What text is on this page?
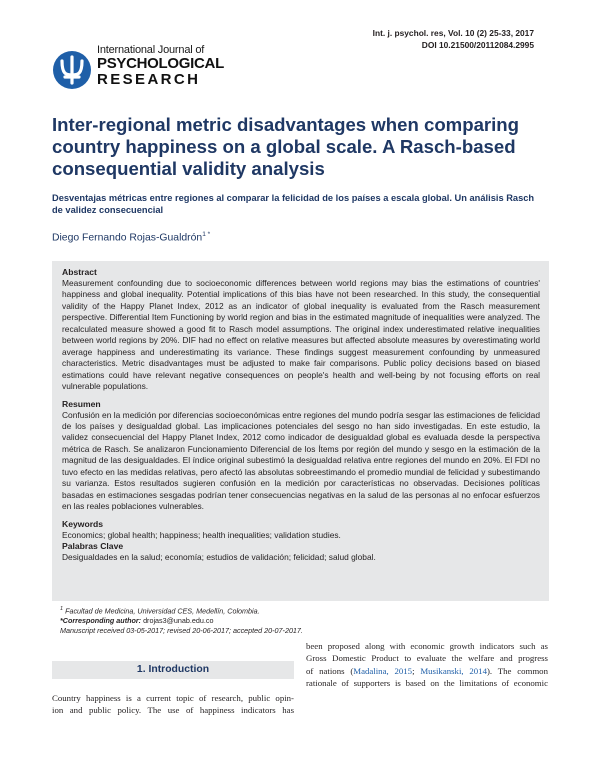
Int. j. psychol. res, Vol. 10 (2) 25-33, 2017
DOI 10.21500/20112084.2995
International Journal of
PSYCHOLOGICAL
RESEARCH
Inter-regional metric disadvantages when comparing country happiness on a global scale. A Rasch-based consequential validity analysis

Desventajas métricas entre regiones al comparar la felicidad de los países a escala global. Un análisis Rasch de validez consecuencial

Diego Fernando Rojas-Gualdrón$^{1 *}$
Abstract

Measurement confounding due to socioeconomic differences between world regions may bias the estimations of countries' happiness and global inequality. Potential implications of this bias have not been researched. In this study, the consequential validity of the Happy Planet Index, 2012 as an indicator of global inequality is evaluated from the Rasch measurement perspective. Differential Item Functioning by world region and bias in the estimated magnitude of inequalities were analyzed. The recalculated measure showed a good fit to Rasch model assumptions. The original index underestimated relative inequalities between world regions by 20%. DIF had no effect on relative measures but affected absolute measures by overestimating world average happiness and underestimating its variance. These findings suggest measurement confounding by unmeasured characteristics. Metric disadvantages must be adjusted to make fair comparisons. Public policy decisions based on biased estimations could have relevant negative consequences on people's health and well-being by not focusing efforts on real vulnerable populations.

Resumen

Confusión en la medición por diferencias socioeconómicas entre regiones del mundo podría sesgar las estimaciones de felicidad de los países y desigualdad global. Las implicaciones potenciales del sesgo no han sido investigadas. En este estudio, la validez consecuencial del Happy Planet Index, 2012 como indicador de desigualdad global es evaluada desde la perspectiva métrica de Rasch. Se analizaron Funcionamiento Diferencial de los Ítems por región del mundo y sesgo en la estimación de la magnitud de las desigualdades. El índice original subestimó la desigualdad relativa entre regiones del mundo en 20%. El FDI no tuvo efecto en las medidas relativas, pero afectó las absolutas sobreestimando el promedio mundial de felicidad y subestimando su varianza. Estos resultados sugieren confusión en la medición por características no observadas. Decisiones políticas basadas en estimaciones sesgadas podrían tener consecuencias negativas en la salud de las personas al no enfocar esfuerzos en las reales poblaciones vulnerables.

Keywords

Economics; global health; happiness; health inequalities; validation studies.

Palabras Clave

Desigualdades en la salud; economía; estudios de validación; felicidad; salud global.

$^1$ Facultad de Medicina, Universidad CES, Medellín, Colombia.
*Corresponding author: drojas3@unab.edu.co
Manuscript received 03-05-2017; revised 20-06-2017; accepted 20-07-2017.
1. Introduction
Country happiness is a current topic of research, public opin-
ion and public policy. The use of happiness indicators has
been proposed along with economic growth indicators such as
Gross Domestic Product to evaluate the welfare and progress
of nations (Madalina, 2015; Musikanski, 2014). The common
rationale of supporters is based on the limitations of economic
